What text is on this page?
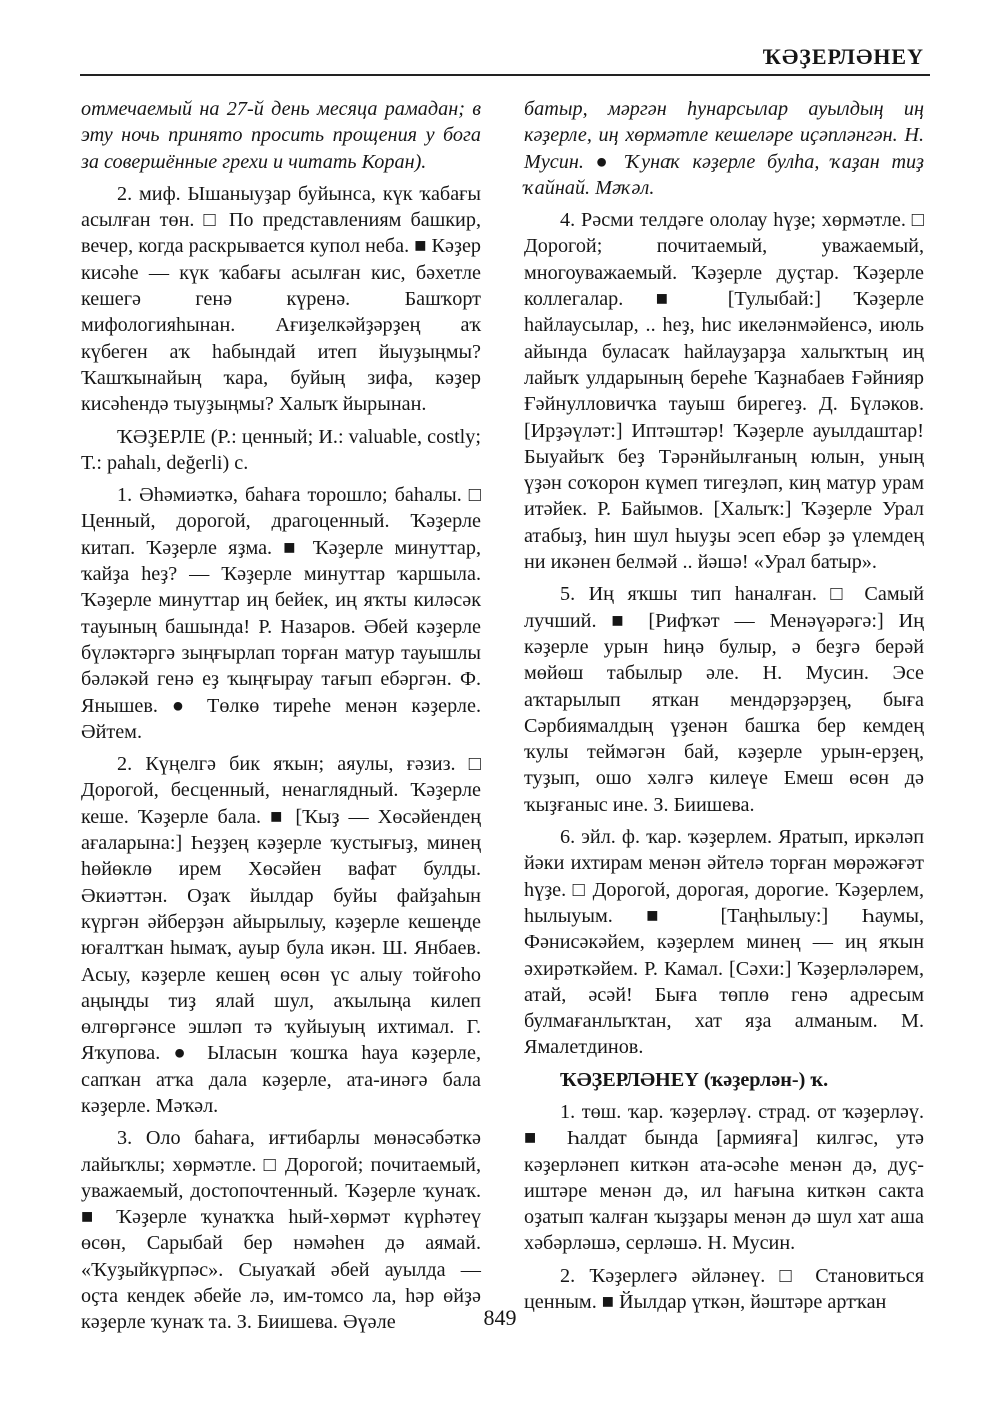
ҠӘҘЕРЛӘНЕҮ

отмечаемый на 27-й день месяца рамадан; в эту ночь принято просить прощения у бога за совершённые грехи и читать Коран).

2. миф. Ышаныуҙар буйынса, күк ҡабағы асылған төн. □ По представлениям башкир, вечер, когда раскрывается купол неба. ■ Кәҙер кисәһе — күк ҡабағы асылған кис, бәхетле кешегә генә күренә. Башҡорт мифологияһынан. Ағиҙелкәйҙәрҙең аҡ күбеген аҡ һабындай итеп йыуҙыңмы? Ҡашҡынайың ҡара, буйың зифа, кәҙер кисәһендә тыуҙыңмы? Халыҡ йырынан.

ҠӘҘЕРЛЕ (Р.: ценный; И.: valuable, costly; Т.: pahalı, değerli) с.

1. Әһәмиәткә, баһаға торошло; баһалы. □ Ценный, дорогой, драгоценный. Ҡәҙерле китап. Ҡәҙерле яҙма. ■ Ҡәҙерле минуттар, ҡайҙа һеҙ? — Ҡәҙерле минуттар ҡаршыла. Ҡәҙерле минуттар иң бейек, иң яҡты киләсәк тауының башында! Р. Назаров. Әбей кәҙерле бүләктәргә зыңғырлап торған матур тауышлы бәләкәй генә еҙ ҡыңғырау тағып ебәргән. Ф. Янышев. ● Төлкө тиреһе менән кәҙерле. Әйтем.

2. Күңелгә бик яҡын; аяулы, ғәзиз. □ Дорогой, бесценный, ненаглядный. Ҡәҙерле кеше. Ҡәҙерле бала. ■ [Ҡыҙ — Хөсәйендең ағаларына:] Һеҙҙең кәҙерле ҡустығыҙ, минең һөйөклө ирем Хөсәйен вафат булды. Әкиәттән. Оҙаҡ йылдар буйы файҙаһын күргән әйберҙән айырылыу, кәҙерле кешеңде юғалтҡан һымаҡ, ауыр була икән. Ш. Янбаев. Асыу, кәҙерле кешең өсөн үс алыу тойғоһо аңыңды тиҙ ялай шул, аҡылыңа килеп өлгөргәнсе эшләп тә ҡуйыуың ихтимал. Г. Яҡупова. ● Ыласын ҡошҡа һауа кәҙерле, сапҡан атҡа дала кәҙерле, ата-инәгә бала кәҙерле. Мәҡәл.

3. Оло баһаға, иғтибарлы мөнәсәбәткә лайыҡлы; хөрмәтле. □ Дорогой; почитаемый, уважаемый, достопочтенный. Ҡәҙерле ҡунаҡ. ■ Ҡәҙерле ҡунаҡҡа һый-хөрмәт күрһәтеү өсөн, Сарыбай бер нәмәһен дә аямай. «Ҡуҙыйкүрпәс». Сыуаҡай әбей ауылда — оҫта кендек әбейе лә, им-томсо ла, һәр өйҙә кәҙерле ҡунаҡ та. З. Биишева. Әүәле

батыр, мәргән һунарсылар ауылдың иң кәҙерле, иң хөрмәтле кешеләре иҫәпләнгән. Н. Мусин. ● Ҡунаҡ кәҙерле булһа, ҡаҙан тиҙ ҡайнай. Мәҡәл.

4. Рәсми телдәге ололау һүҙе; хөрмәтле. □ Дорогой; почитаемый, уважаемый, многоуважаемый. Ҡәҙерле дуҫтар. Ҡәҙерле коллегалар. ■ [Тулыбай:] Ҡәҙерле һайлаусылар, .. һеҙ, һис икеләнмәйенсә, июль айында буласаҡ һайлауҙарҙа халыҡтың иң лайыҡ улдарының береһе Ҡаҙнабаев Ғәйнияр Ғәйнулловичҡа тауыш бирегеҙ. Д. Бүләков. [Ирҙәүләт:] Иптәштәр! Ҡәҙерле ауылдаштар! Быуайыҡ беҙ Тәрәнйылғаның юлын, уның үҙән соҡорон күмеп тигеҙләп, киң матур урам итәйек. Р. Байымов. [Халыҡ:] Ҡәҙерле Урал атабыҙ, һин шул һыуҙы эсеп ебәр ҙә үлемдең ни икәнен белмәй .. йәшә! «Урал батыр».

5. Иң яҡшы тип һаналған. □ Самый лучший. ■ [Рифҡәт — Менәүәрәгә:] Иң кәҙерле урын һиңә булыр, ә беҙгә берәй мөйөш табылыр әле. Н. Мусин. Эсе аҡтарылып яткан мендәрҙәрҙең, быға Сәрбиямалдың үҙенән башҡа бер кемдең ҡулы теймәгән бай, кәҙерле урын-ерҙең, туҙып, ошо хәлгә килеүе Емеш өсөн дә ҡыҙғаныс ине. З. Биишева.

6. эйл. ф. ҡар. ҡәҙерлем. Яратып, иркәләп йәки ихтирам менән әйтелә торған мөрәжәғәт һүҙе. □ Дорогой, дорогая, дорогие. Ҡәҙерлем, һылыуым. ■ [Таңһылыу:] Һаумы, Фәнисәкәйем, кәҙерлем минең — иң яҡын әхирәткәйем. Р. Камал. [Сәхи:] Ҡәҙерләләрем, атай, әсәй! Быға төплө генә адресым булмағанлыҡтан, хат яҙа алманым. М. Ямалетдинов.

ҠӘҘЕРЛӘНЕҮ (ҡәҙерлән-) ҡ.

1. төш. ҡар. ҡәҙерләү. страд. от ҡәҙерләү. ■ Һалдат бында [армияға] килгәс, утә кәҙерләнеп киткән ата-әсәһе менән дә, дуҫ-иштәре менән дә, ил һағына киткән сакта оҙатып ҡалған ҡыҙҙары менән дә шул хат аша хәбәрләшә, серләшә. Н. Мусин.

2. Ҡәҙерлегә әйләнеү. □ Становиться ценным. ■ Йылдар үткән, йәштәре артҡан

849
